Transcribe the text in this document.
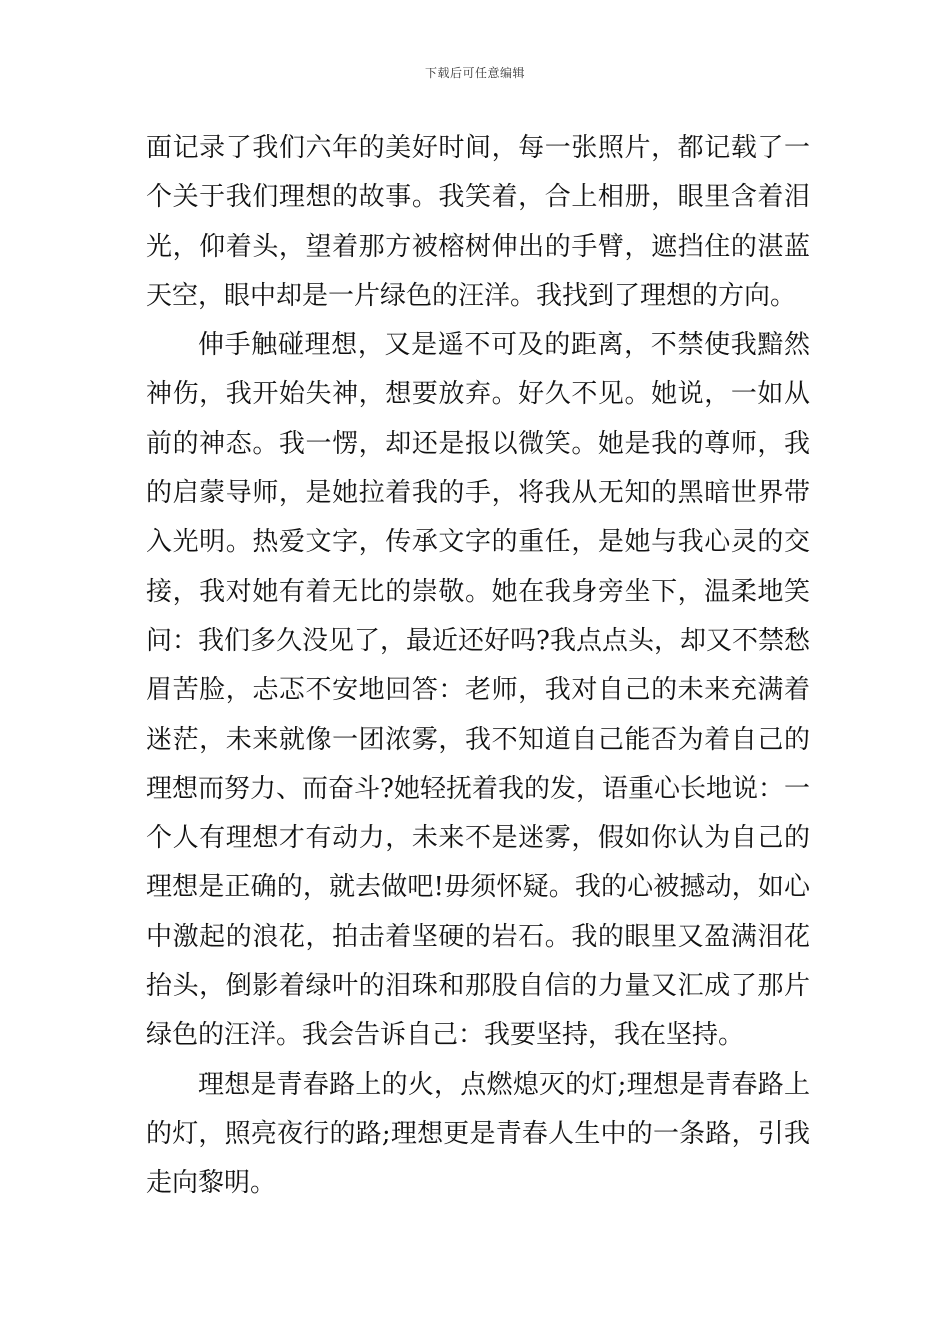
下载后可任意编辑

面记录了我们六年的美好时间，每一张照片，都记载了一个关于我们理想的故事。我笑着，合上相册，眼里含着泪光，仰着头，望着那方被榕树伸出的手臂，遮挡住的湛蓝天空，眼中却是一片绿色的汪洋。我找到了理想的方向。

伸手触碰理想，又是遥不可及的距离，不禁使我黯然神伤，我开始失神，想要放弃。好久不见。她说，一如从前的神态。我一愣，却还是报以微笑。她是我的尊师，我的启蒙导师，是她拉着我的手，将我从无知的黑暗世界带入光明。热爱文字，传承文字的重任，是她与我心灵的交接，我对她有着无比的崇敬。她在我身旁坐下，温柔地笑问：我们多久没见了，最近还好吗?我点点头，却又不禁愁眉苦脸，忐忑不安地回答：老师，我对自己的未来充满着迷茫，未来就像一团浓雾，我不知道自己能否为着自己的理想而努力、而奋斗?她轻抚着我的发，语重心长地说：一个人有理想才有动力，未来不是迷雾，假如你认为自己的理想是正确的，就去做吧!毋须怀疑。我的心被撼动，如心中激起的浪花，拍击着坚硬的岩石。我的眼里又盈满泪花抬头，倒影着绿叶的泪珠和那股自信的力量又汇成了那片绿色的汪洋。我会告诉自己：我要坚持，我在坚持。

理想是青春路上的火，点燃熄灭的灯;理想是青春路上的灯，照亮夜行的路;理想更是青春人生中的一条路，引我走向黎明。
